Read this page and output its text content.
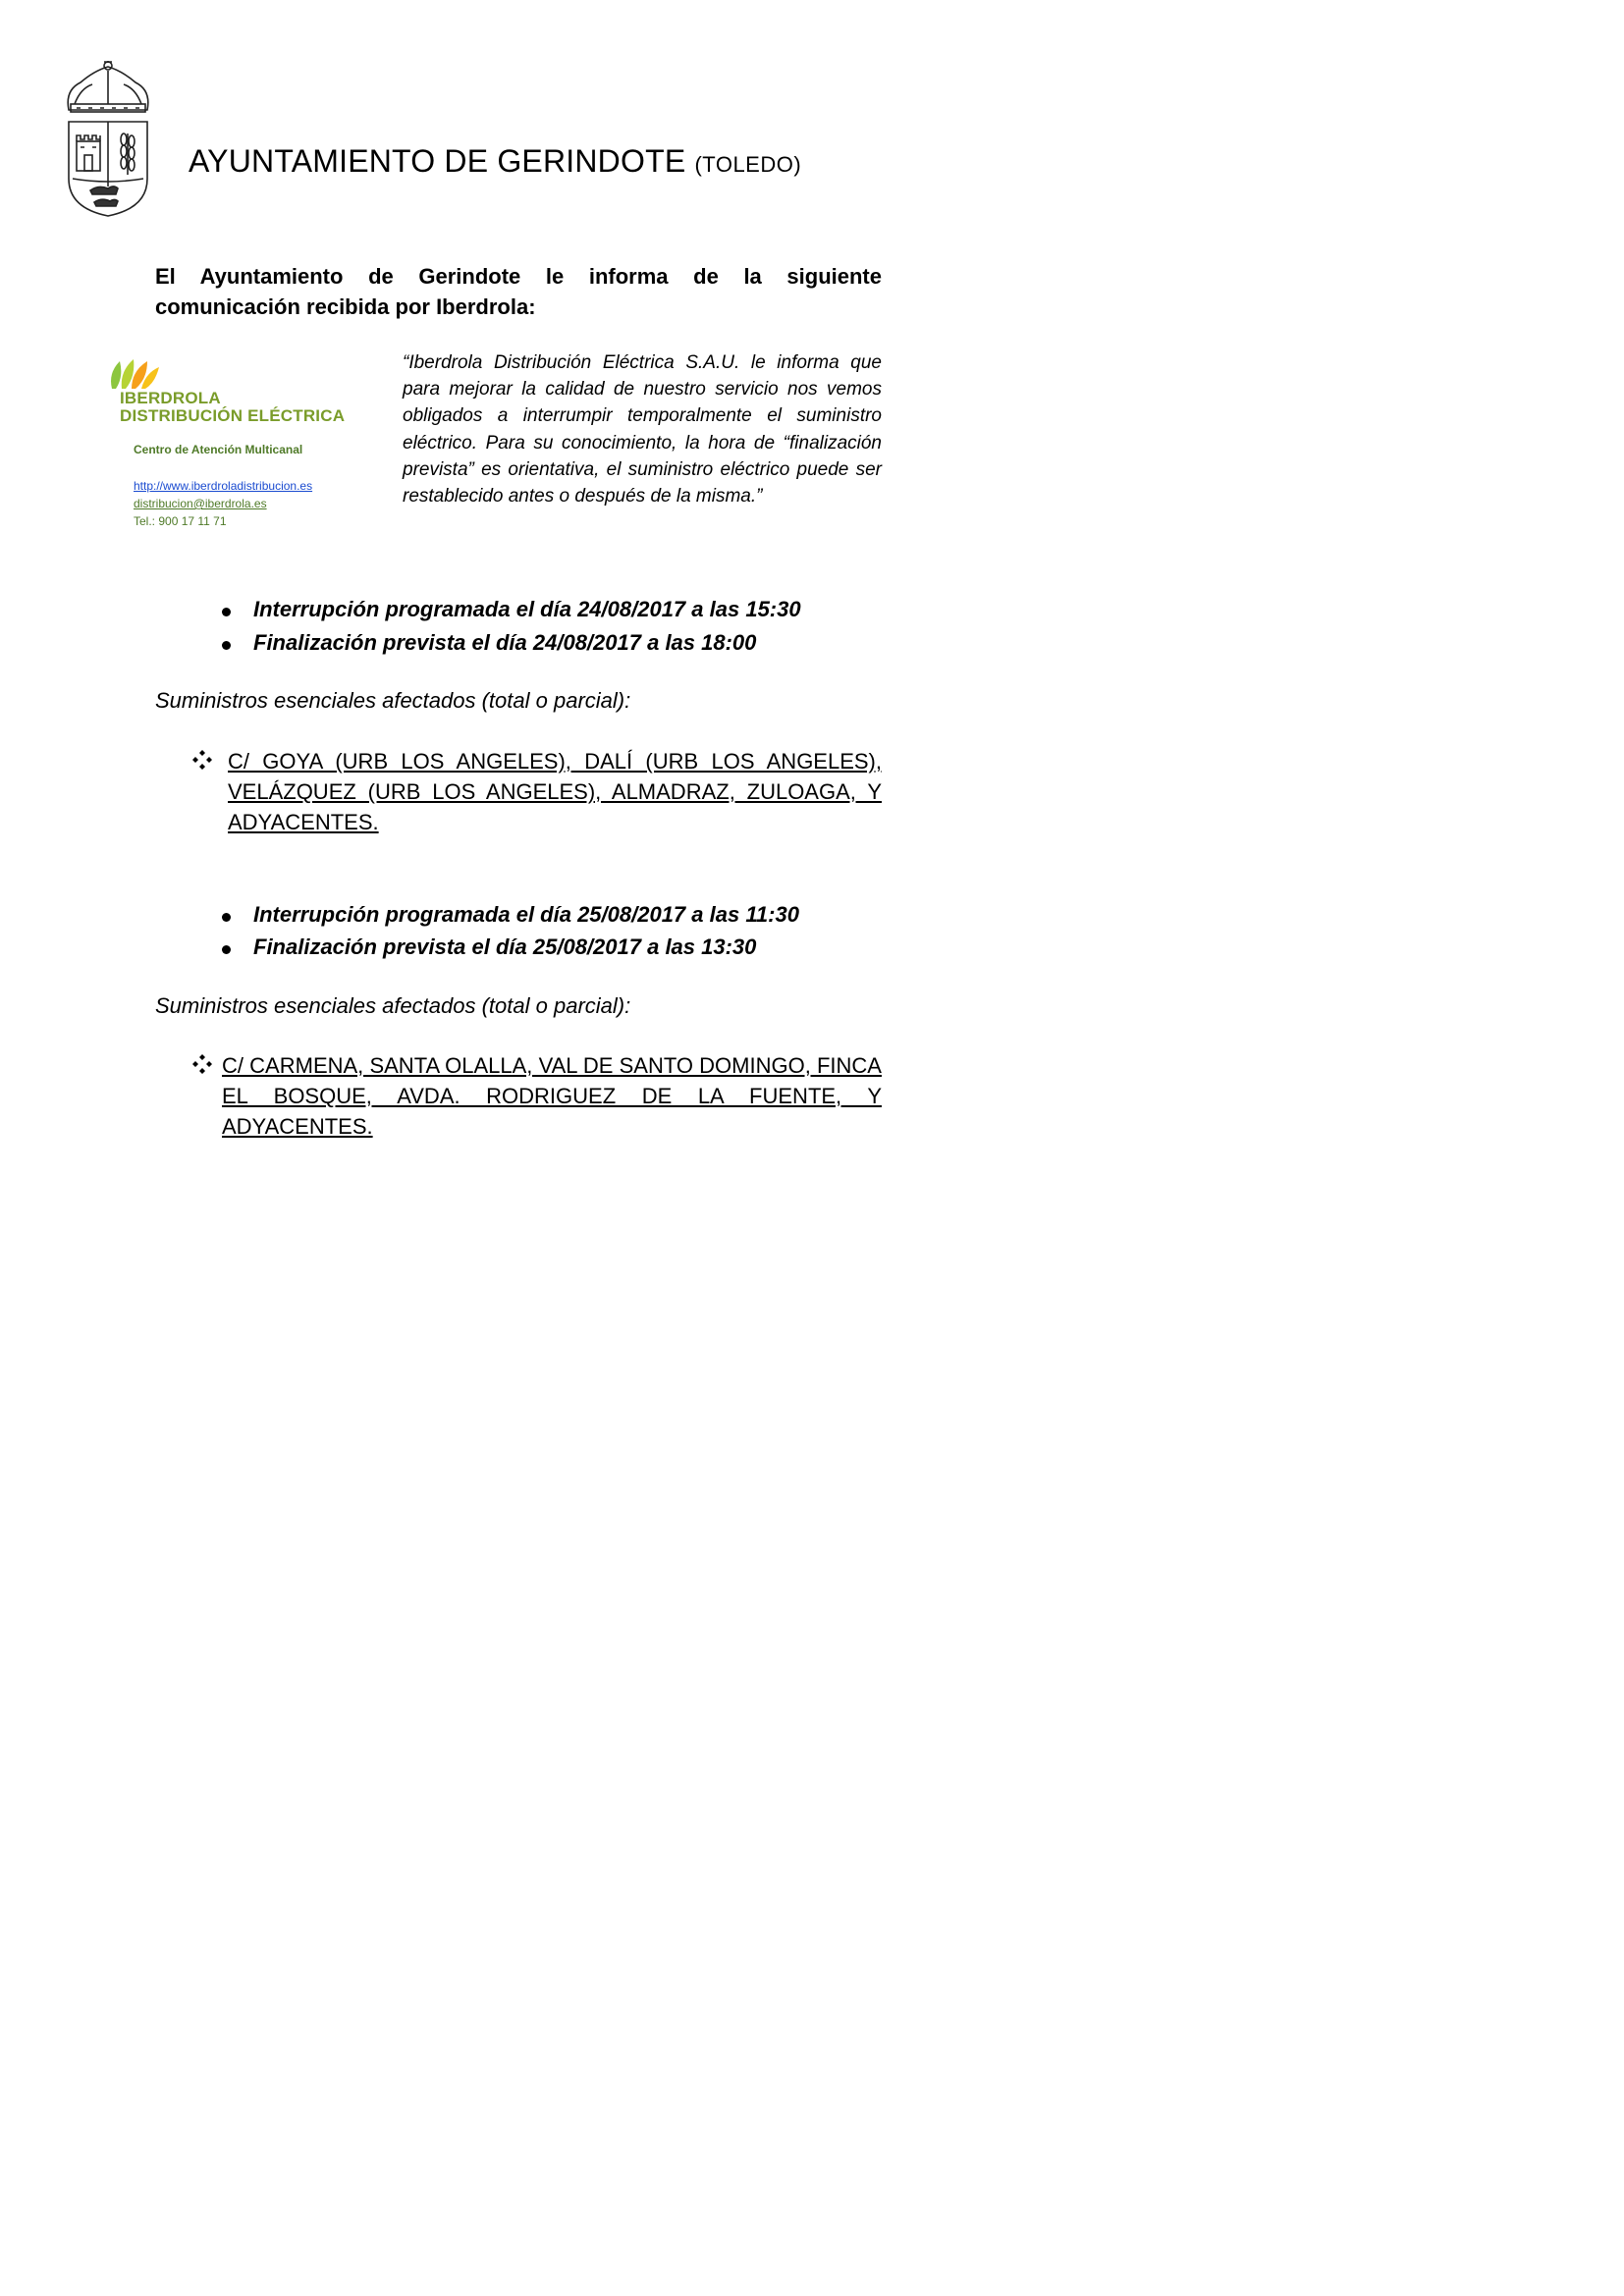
AYUNTAMIENTO DE GERINDOTE (TOLEDO)
El Ayuntamiento de Gerindote le informa de la siguiente
comunicación recibida por Iberdrola:
IBERDROLA
DISTRIBUCIÓN ELÉCTRICA
Centro de Atención Multicanal
http://www.iberdroladistribucion.es
distribucion@iberdrola.es
Tel.: 900 17 11 71
“Iberdrola Distribución Eléctrica S.A.U. le informa que para mejorar la calidad de nuestro servicio nos vemos obligados a interrumpir temporalmente el suministro eléctrico. Para su conocimiento, la hora de “finalización prevista” es orientativa, el suministro eléctrico puede ser restablecido antes o después de la misma.”
Interrupción programada el día 24/08/2017 a las 15:30
Finalización prevista el día 24/08/2017 a las 18:00
Suministros esenciales afectados (total o parcial):
C/ GOYA (URB LOS ANGELES), DALÍ (URB LOS ANGELES), VELÁZQUEZ (URB LOS ANGELES), ALMADRAZ, ZULOAGA, Y ADYACENTES.
Interrupción programada el día 25/08/2017 a las 11:30
Finalización prevista el día 25/08/2017 a las 13:30
Suministros esenciales afectados (total o parcial):
C/ CARMENA, SANTA OLALLA, VAL DE SANTO DOMINGO, FINCA EL BOSQUE, AVDA. RODRIGUEZ DE LA FUENTE, Y ADYACENTES.
